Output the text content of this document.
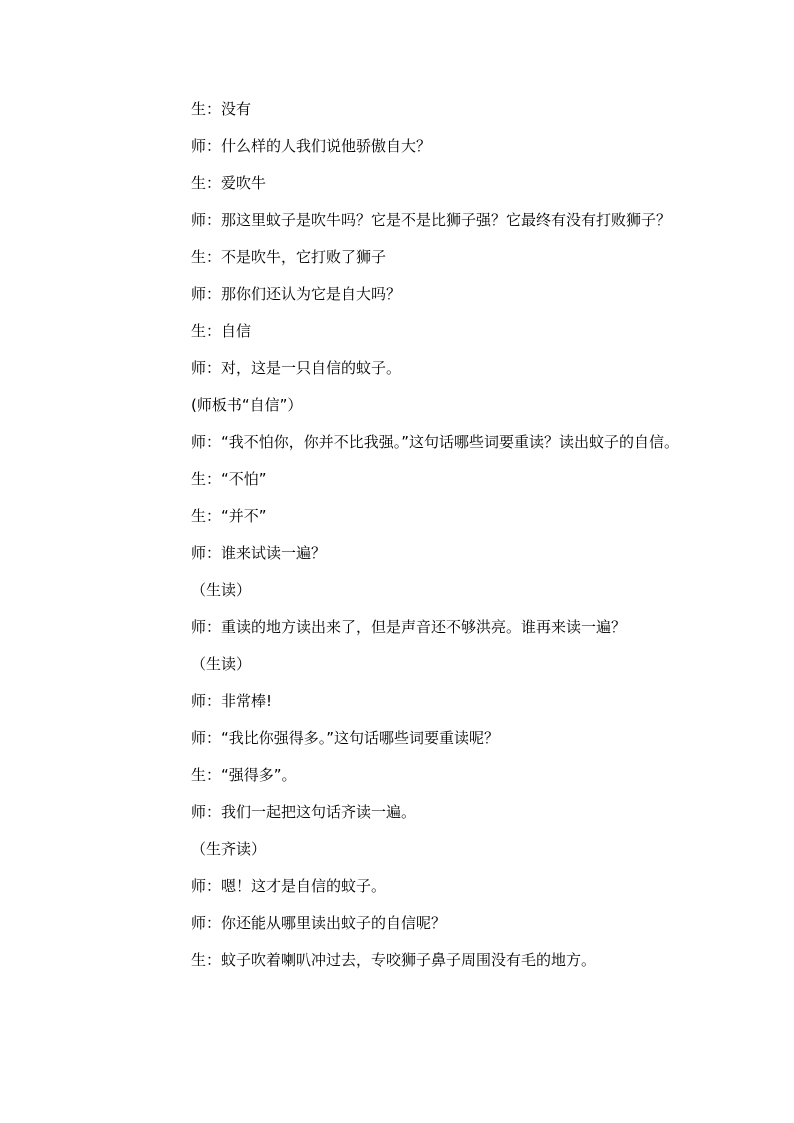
生：没有

师：什么样的人我们说他骄傲自大？

生：爱吹牛

师：那这里蚊子是吹牛吗？它是不是比狮子强？它最终有没有打败狮子？

生：不是吹牛，它打败了狮子

师：那你们还认为它是自大吗？

生：自信

师：对，这是一只自信的蚊子。

(师板书“自信”）

师：“我不怕你，你并不比我强。”这句话哪些词要重读？读出蚊子的自信。

生：“不怕”

生：“并不”

师：谁来试读一遍？

（生读）

师：重读的地方读出来了，但是声音还不够洪亮。谁再来读一遍？

（生读）

师：非常棒!

师：“我比你强得多。”这句话哪些词要重读呢？

生：“强得多”。

师：我们一起把这句话齐读一遍。

（生齐读）

师：嗯！这才是自信的蚊子。

师：你还能从哪里读出蚊子的自信呢？

生：蚊子吹着喇叭冲过去，专咬狮子鼻子周围没有毛的地方。
